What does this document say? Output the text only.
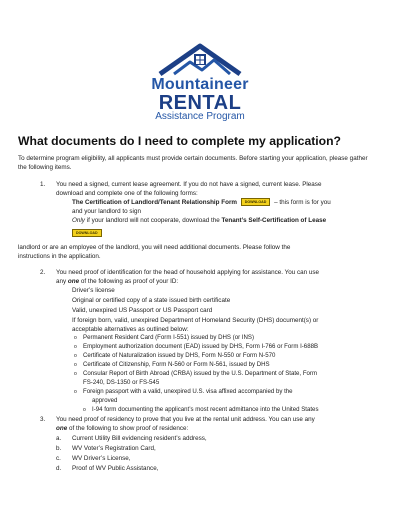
Mountaineer
RENTAL
Assistance Program
What documents do I need to complete my application?

To determine program eligibility, all applicants must provide certain documents. Before starting your application, please gather the following items.

1. You need a signed, current lease agreement. If you do not have a signed, current lease. Please
download and complete one of the following forms:
The Certification of Landlord/Tenant Relationship Form DOWNLOAD – this form is for you
and your landlord to sign
Only if your landlord will not cooperate, download the Tenant’s Self-Certification of Lease
DOWNLOAD
landlord or are an employee of the landlord, you will need additional documents. Please follow the
instructions in the application.
2. You need proof of identification for the head of household applying for assistance. You can use
any one of the following as proof of your ID:
Driver’s license
Original or certified copy of a state issued birth certificate
Valid, unexpired US Passport or US Passport card
If foreign born, valid, unexpired Department of Homeland Security (DHS) document(s) or
acceptable alternatives as outlined below:
o Permanent Resident Card (Form I-551) issued by DHS (or INS)
o Employment authorization document (EAD) issued by DHS, Form I-766 or Form I-688B
o Certificate of Naturalization issued by DHS, Form N-550 or Form N-570
o Certificate of Citizenship, Form N-560 or Form N-561, issued by DHS
o Consular Report of Birth Abroad (CRBA) issued by the U.S. Department of State, Form
FS-240, DS-1350 or FS-545
o Foreign passport with a valid, unexpired U.S. visa affixed accompanied by the
approved
o I-94 form documenting the applicant’s most recent admittance into the United States
3. You need proof of residency to prove that you live at the rental unit address. You can use any
one of the following to show proof of residence:
a. Current Utility Bill evidencing resident’s address,
b. WV Voter’s Registration Card,
c. WV Driver’s License,
d. Proof of WV Public Assistance,
